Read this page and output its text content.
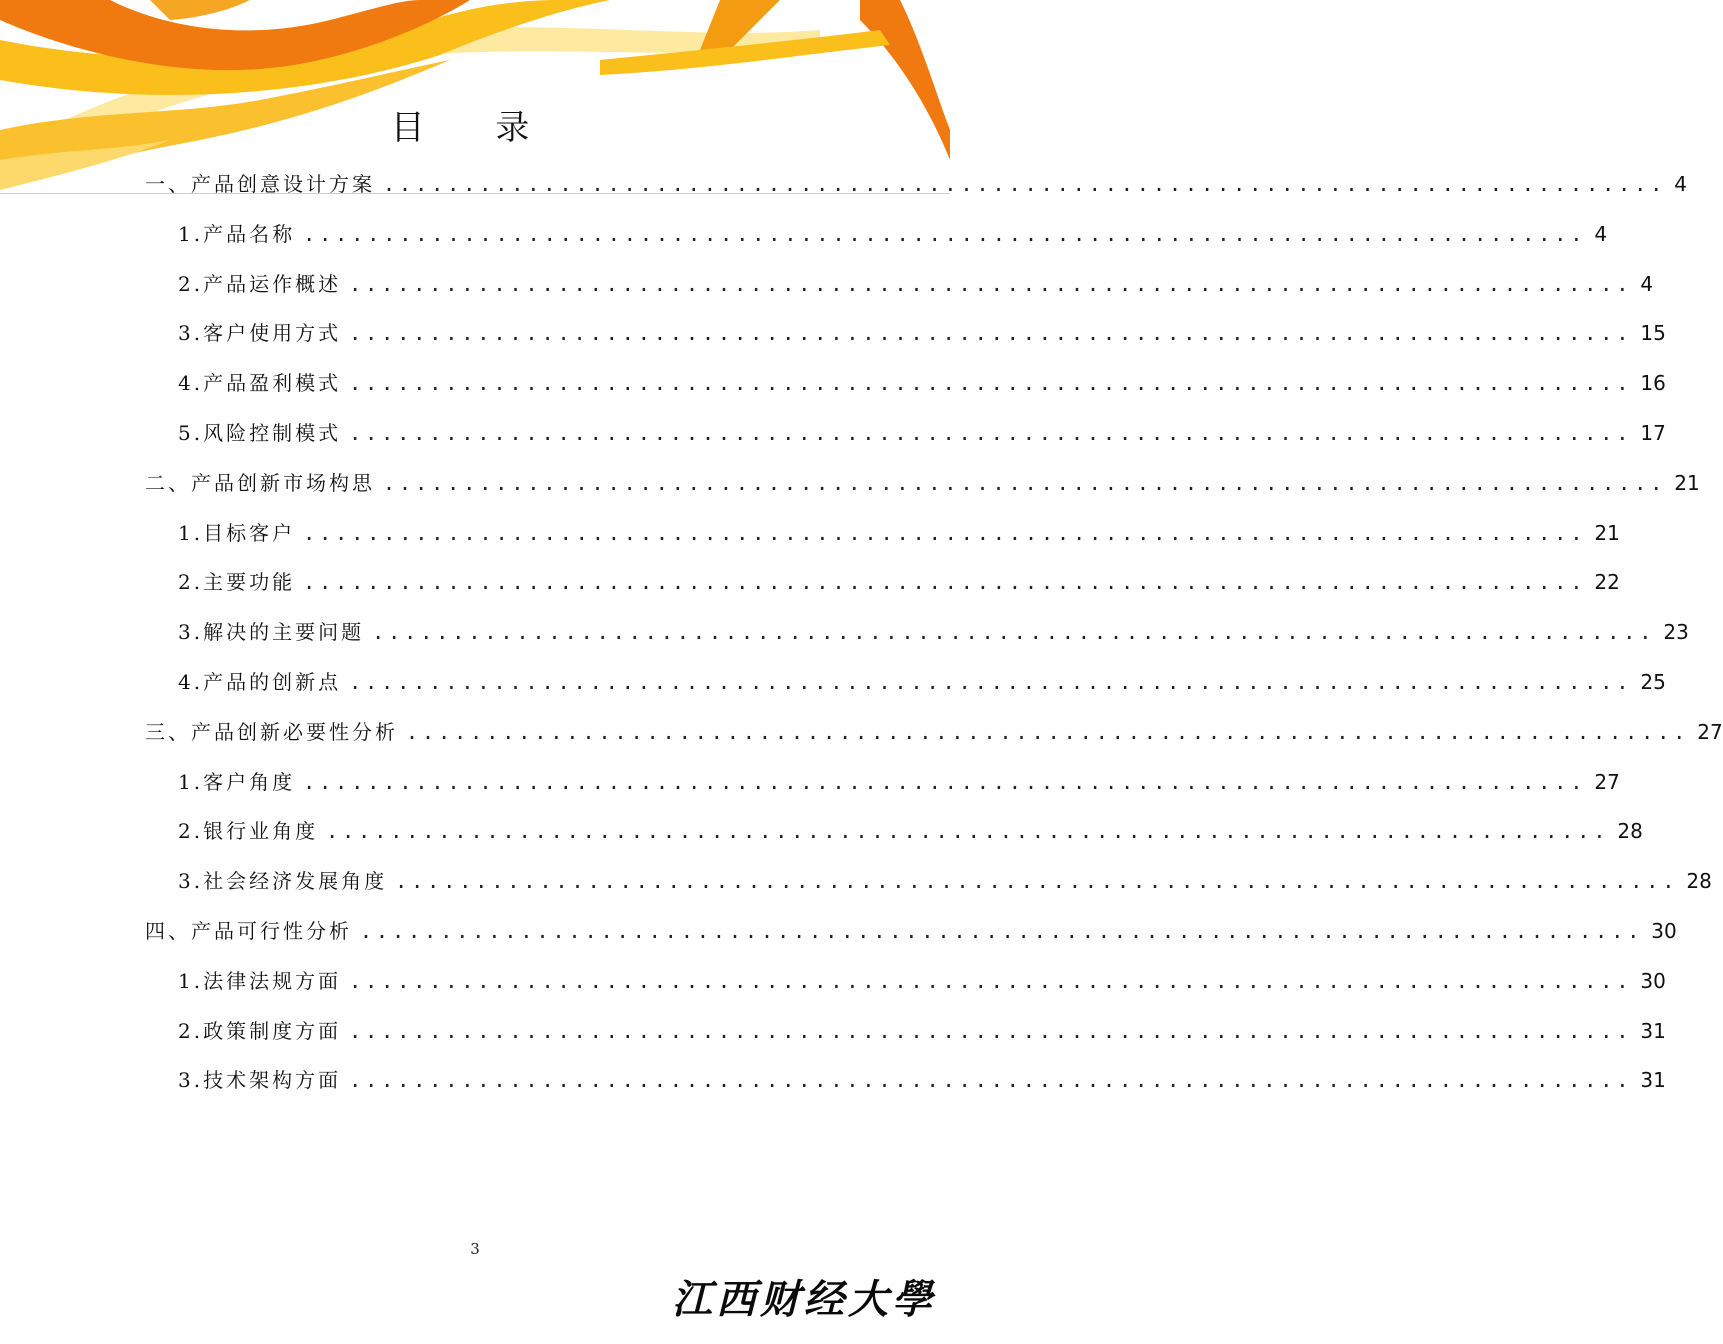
目 录
一、产品创意设计方案 ................................................................................ 4
1.产品名称 ................................................................................ 4
2.产品运作概述 ................................................................................ 4
3.客户使用方式 ................................................................................ 15
4.产品盈利模式 ................................................................................ 16
5.风险控制模式 ................................................................................ 17
二、产品创新市场构思 ................................................................................ 21
1.目标客户 ................................................................................ 21
2.主要功能 ................................................................................ 22
3.解决的主要问题 ................................................................................ 23
4.产品的创新点 ................................................................................ 25
三、产品创新必要性分析 ................................................................................ 27
1.客户角度 ................................................................................ 27
2.银行业角度 ................................................................................ 28
3.社会经济发展角度 ................................................................................ 28
四、产品可行性分析 ................................................................................ 30
1.法律法规方面 ................................................................................ 30
2.政策制度方面 ................................................................................ 31
3.技术架构方面 ................................................................................ 31
3
江西财经大學
